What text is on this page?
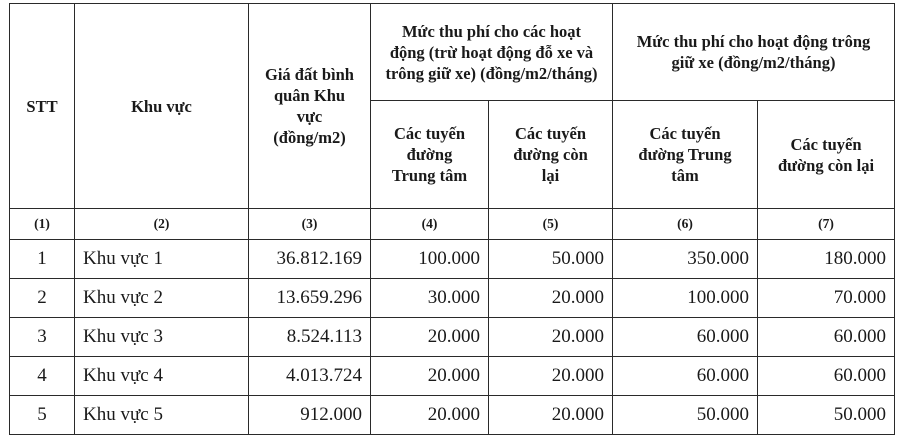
STT	Khu vực	Giá đất bình quân Khu vực (đồng/m2)	Mức thu phí cho các hoạt động (trừ hoạt động đỗ xe và trông giữ xe) (đồng/m2/tháng)		Mức thu phí cho hoạt động trông giữ xe (đồng/m2/tháng)	
			Các tuyến đường Trung tâm	Các tuyến đường còn lại	Các tuyến đường Trung tâm	Các tuyến đường còn lại
(1)	(2)	(3)	(4)	(5)	(6)	(7)
1	Khu vực 1	36.812.169	100.000	50.000	350.000	180.000
2	Khu vực 2	13.659.296	30.000	20.000	100.000	70.000
3	Khu vực 3	8.524.113	20.000	20.000	60.000	60.000
4	Khu vực 4	4.013.724	20.000	20.000	60.000	60.000
5	Khu vực 5	912.000	20.000	20.000	50.000	50.000
